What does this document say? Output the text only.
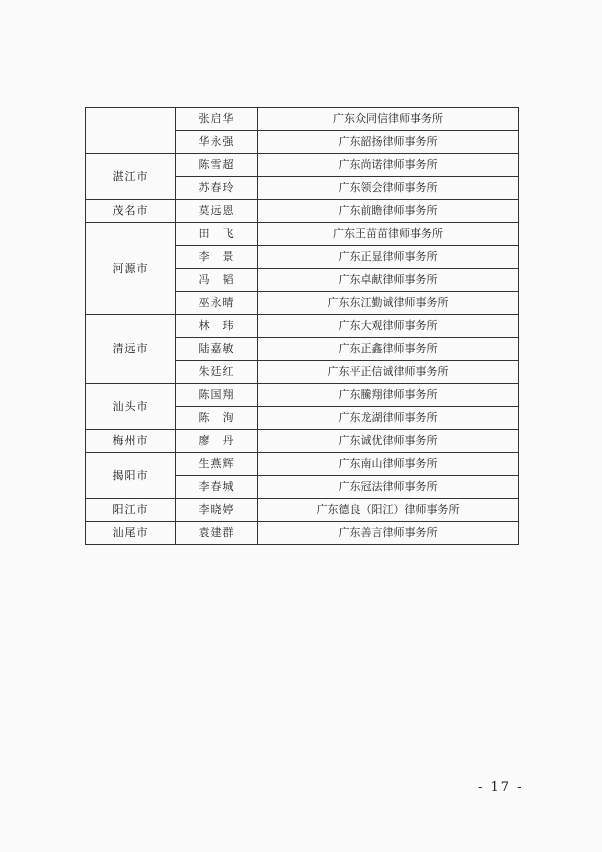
	张启华	广东众同信律师事务所
	华永强	广东韶扬律师事务所
湛江市	陈雪超	广东尚诺律师事务所
	苏春玲	广东领会律师事务所
茂名市	莫远恩	广东前瞻律师事务所
河源市	田　飞	广东王苗苗律师事务所
	李　景	广东正显律师事务所
	冯　韬	广东卓献律师事务所
	巫永晴	广东东江勤诚律师事务所
清远市	林　玮	广东大观律师事务所
	陆嘉敏	广东正鑫律师事务所
	朱廷红	广东平正信诚律师事务所
汕头市	陈国翔	广东騰翔律师事务所
	陈　洵	广东龙湖律师事务所
梅州市	廖　丹	广东诚优律师事务所
揭阳市	生燕辉	广东南山律师事务所
	李春城	广东冠法律师事务所
阳江市	李晓婷	广东德良（阳江）律师事务所
汕尾市	袁建群	广东善言律师事务所
- 17 -
